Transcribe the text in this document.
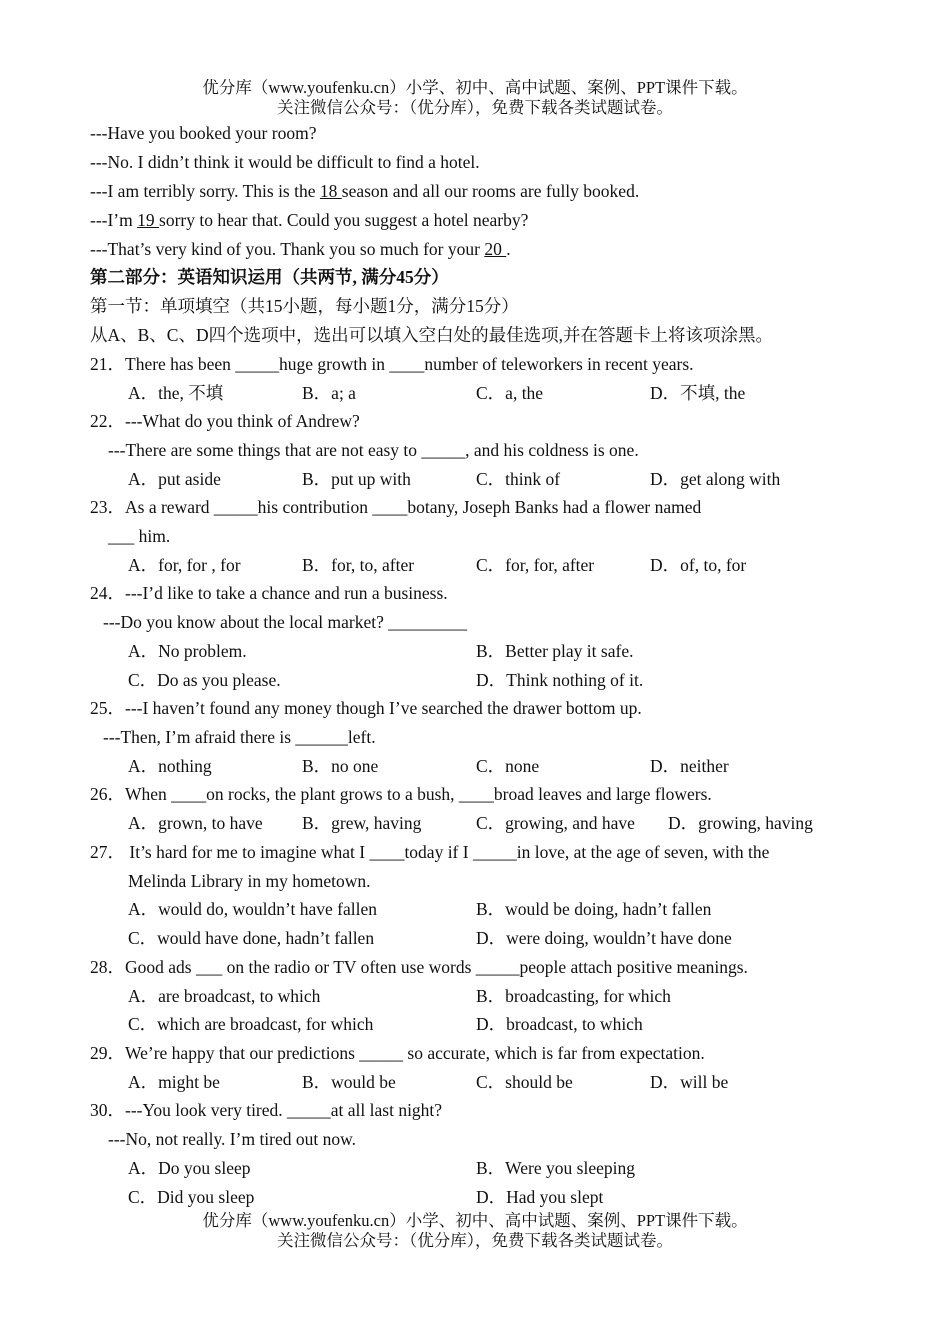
优分库（www.youfenku.cn）小学、初中、高中试题、案例、PPT课件下载。
关注微信公众号：（优分库），免费下载各类试题试卷。
---Have you booked your room?
---No. I didn’t think it would be difficult to find a hotel.
---I am terribly sorry. This is the 18 season and all our rooms are fully booked.
---I’m 19 sorry to hear that. Could you suggest a hotel nearby?
---That’s very kind of you. Thank you so much for your 20 .
第二部分：英语知识运用（共两节, 满分45分）
第一节：单项填空（共15小题，每小题1分，满分15分）
从A、B、C、D四个选项中，选出可以填入空白处的最佳选项,并在答题卡上将该项涂黑。
21．There has been _____huge growth in ____number of teleworkers in recent years.
A．the, 不填	B．a; a	C．a, the	D．不填, the
22．---What do you think of Andrew?
---There are some things that are not easy to _____, and his coldness is one.
A．put aside	B．put up with	C．think of	D．get along with
23．As a reward _____his contribution ____botany, Joseph Banks had a flower named
___ him.
A．for, for , for	B．for, to, after	C．for, for, after	D．of, to, for
24．---I’d like to take a chance and run a business.
---Do you know about the local market? _________
A．No problem.	B．Better play it safe.
C．Do as you please.	D．Think nothing of it.
25．---I haven’t found any money though I’ve searched the drawer bottom up.
---Then, I’m afraid there is ______left.
A．nothing	B．no one	C．none	D．neither
26．When ____on rocks, the plant grows to a bush, ____broad leaves and large flowers.
A．grown, to have B．grew, having	C．growing, and have D．growing, having
27． It’s hard for me to imagine what I ____today if I _____in love, at the age of seven, with the
Melinda Library in my hometown.
A．would do, wouldn’t have fallen	B．would be doing, hadn’t fallen
C．would have done, hadn’t fallen	D．were doing, wouldn’t have done
28．Good ads ___ on the radio or TV often use words _____people attach positive meanings.
A．are broadcast, to which	B．broadcasting, for which
C．which are broadcast, for which	D．broadcast, to which
29．We’re happy that our predictions _____ so accurate, which is far from expectation.
A．might be	B．would be	C．should be	D．will be
30．---You look very tired. _____at all last night?
---No, not really. I’m tired out now.
A．Do you sleep	B．Were you sleeping
C．Did you sleep	D．Had you slept
优分库（www.youfenku.cn）小学、初中、高中试题、案例、PPT课件下载。
关注微信公众号：（优分库），免费下载各类试题试卷。
